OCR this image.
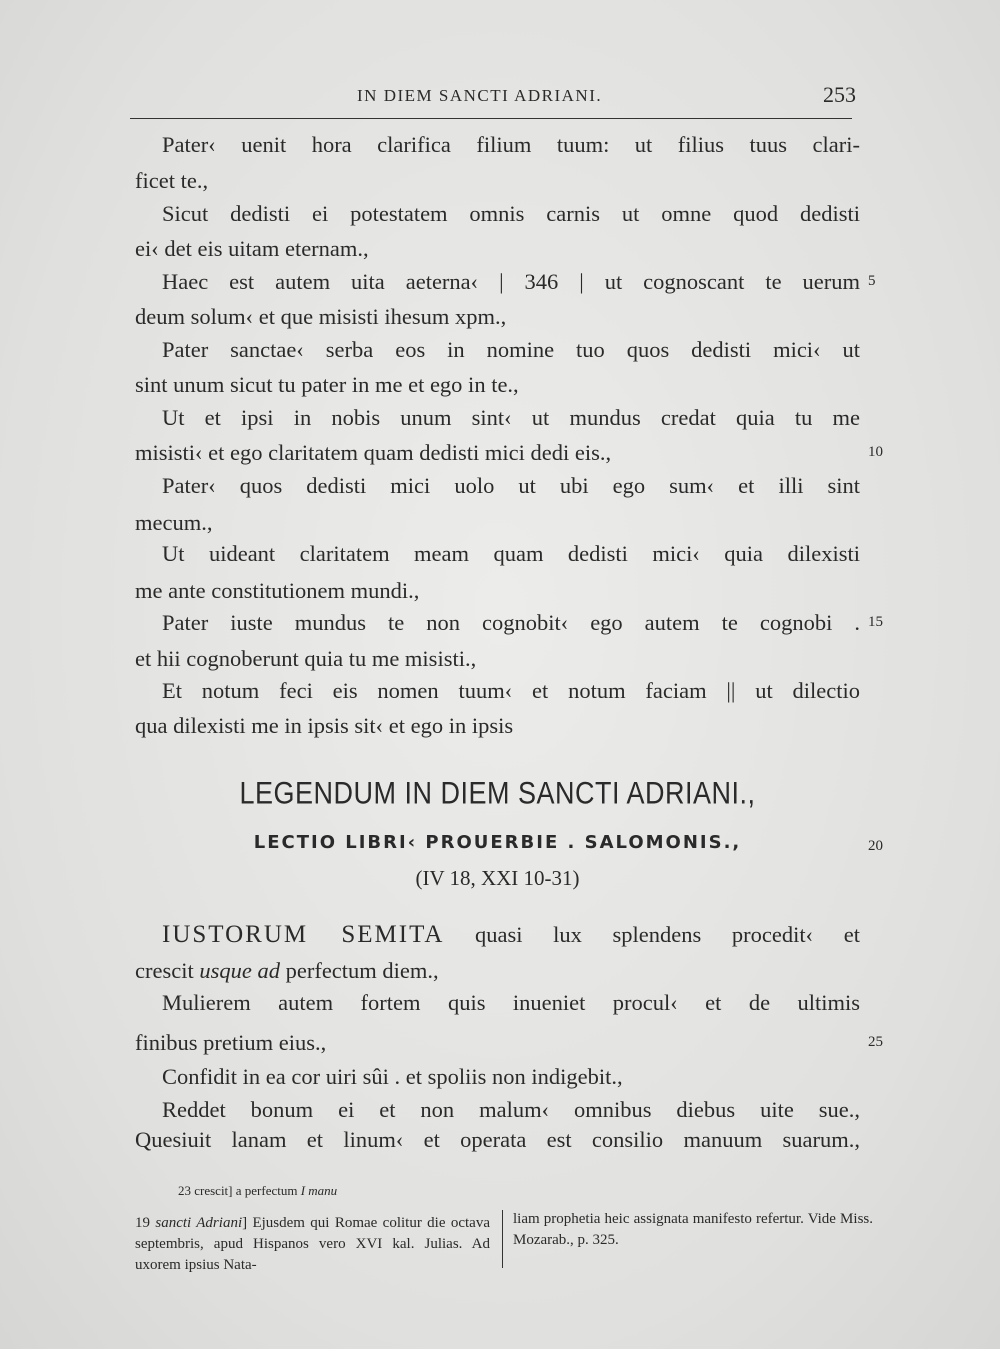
IN DIEM SANCTI ADRIANI.	253
Pater‹ uenit hora clarifica filium tuum: ut filius tuus clari-
ficet te.,
Sicut dedisti ei potestatem omnis carnis ut omne quod dedisti
ei‹ det eis uitam eternam.,
Haec est autem uita aeterna‹ | 346 | ut cognoscant te uerum 5
deum solum‹ et que misisti ihesum xpm.,
Pater sanctae‹ serba eos in nomine tuo quos dedisti mici‹ ut
sint unum sicut tu pater in me et ego in te.,
Ut et ipsi in nobis unum sint‹ ut mundus credat quia tu me
misisti‹ et ego claritatem quam dedisti mici dedi eis.,	10
Pater‹ quos dedisti mici uolo ut ubi ego sum‹ et illi sint
mecum.,
Ut uideant claritatem meam quam dedisti mici‹ quia dilexisti
me ante constitutionem mundi.,
Pater iuste mundus te non cognobit‹ ego autem te cognobi . 15
et hii cognoberunt quia tu me misisti.,
Et notum feci eis nomen tuum‹ et notum faciam || ut dilectio
qua dilexisti me in ipsis sit‹ et ego in ipsis
LEGENDUM IN DIEM SANCTI ADRIANI.,
LECTIO LIBRI‹ PROUERBIE . SALOMONIS.,	20
(IV 18, XXI 10-31)
IUSTORUM SEMITA quasi lux splendens procedit‹ et
crescit usque ad perfectum diem.,
Mulierem autem fortem quis inueniet procul‹ et de ultimis
finibus pretium eius.,	25
Confidit in ea cor uiri sûi . et spoliis non indigebit.,
Reddet bonum ei et non malum‹ omnibus diebus uite sue.,
Quesiuit lanam et linum‹ et operata est consilio manuum suarum.,
23 crescit] a perfectum I manu
19 sancti Adriani] Ejusdem qui Romae colitur die octava septembris, apud Hispanos vero XVI kal. Julias. Ad uxorem ipsius Nata-
liam prophetia heic assignata manifesto refertur. Vide Miss. Mozarab., p. 325.
